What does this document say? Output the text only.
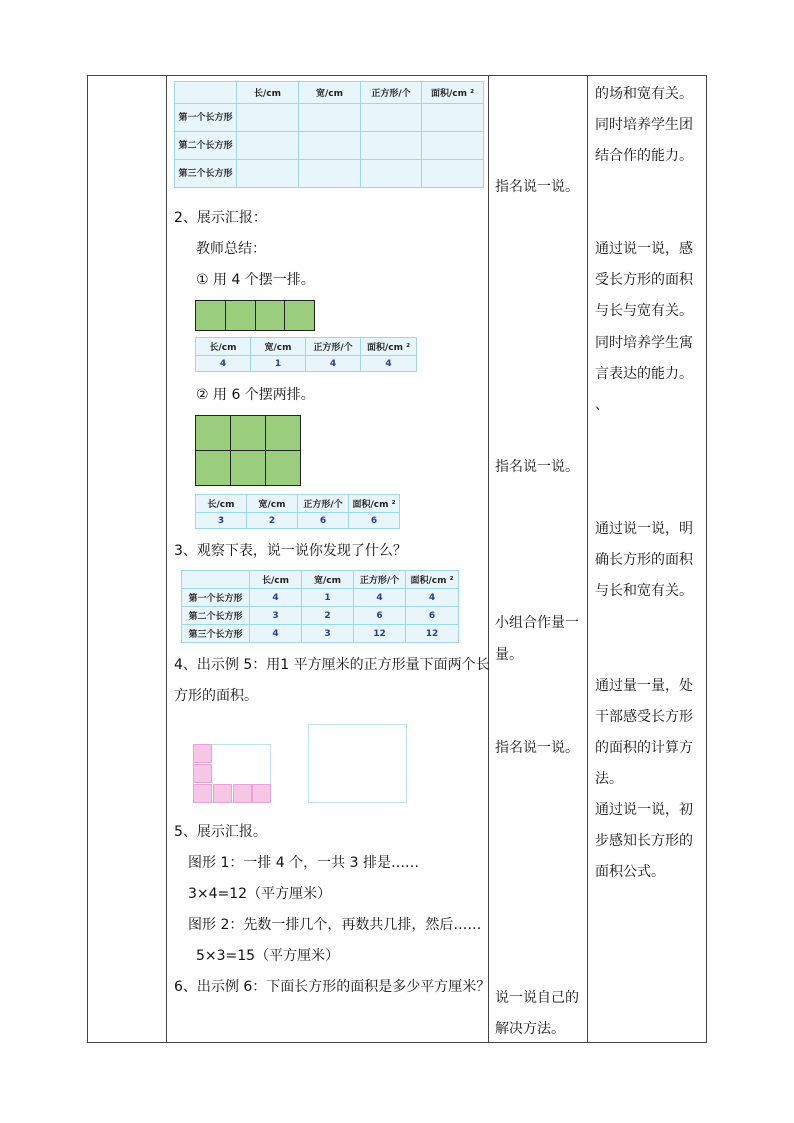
	长/cm	宽/cm	正方形/个	面积/cm ²
第一个长方形				
第二个长方形				
第三个长方形				
2、展示汇报：
教师总结：
① 用 4 个摆一排。
长/cm	宽/cm	正方形/个	面积/cm ²
4	1	4	4
② 用 6 个摆两排。
长/cm	宽/cm	正方形/个	面积/cm ²
3	2	6	6
3、观察下表，说一说你发现了什么？
	长/cm	宽/cm	正方形/个	面积/cm ²
第一个长方形	4	1	4	4
第二个长方形	3	2	6	6
第三个长方形	4	3	12	12
4、出示例 5：用1 平方厘米的正方形量下面两个长
方形的面积。
5、展示汇报。
图形 1：一排 4 个，一共 3 排是……
3×4=12（平方厘米）
图形 2：先数一排几个，再数共几排，然后……
5×3=15（平方厘米）
6、出示例 6：下面长方形的面积是多少平方厘米？
指名说一说。
指名说一说。
小组合作量一
量。
指名说一说。
说一说自己的
解决方法。
的场和宽有关。
同时培养学生团
结合作的能力。
通过说一说，感
受长方形的面积
与长与宽有关。
同时培养学生寓
言表达的能力。
、
通过说一说，明
确长方形的面积
与长和宽有关。
通过量一量，处
干部感受长方形
的面积的计算方
法。
通过说一说，初
步感知长方形的
面积公式。
